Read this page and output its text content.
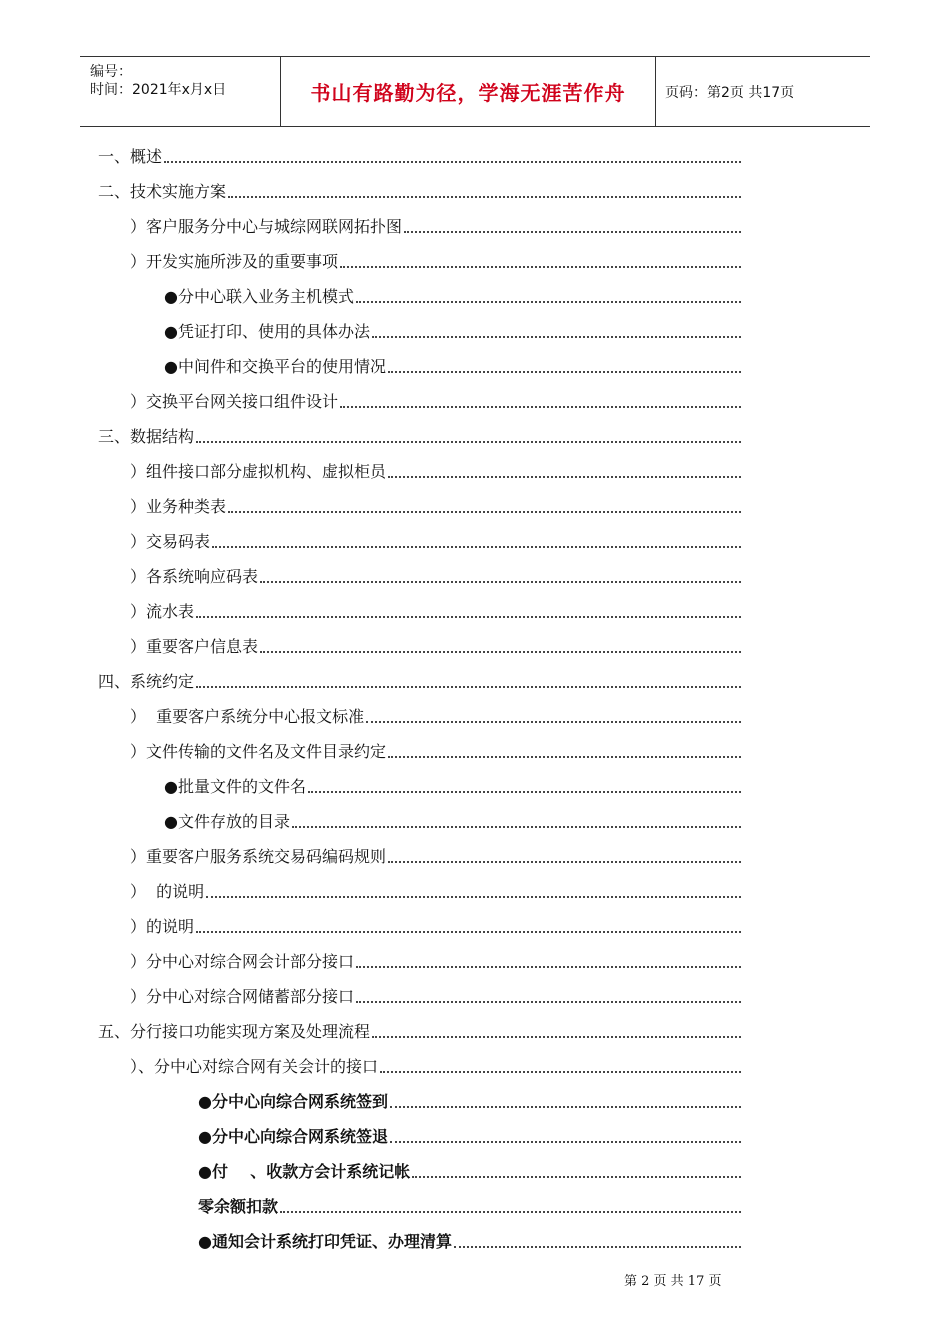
编号：
时间：2021年x月x日	书山有路勤为径，学海无涯苦作舟	页码：第2页 共17页
一、概述
二、技术实施方案
）客户服务分中心与城综网联网拓扑图
）开发实施所涉及的重要事项
●分中心联入业务主机模式
●凭证打印、使用的具体办法
●中间件和交换平台的使用情况
）交换平台网关接口组件设计
三、数据结构
）组件接口部分虚拟机构、虚拟柜员
）业务种类表
）交易码表
）各系统响应码表
）流水表
）重要客户信息表
四、系统约定
）  重要客户系统分中心报文标准
）文件传输的文件名及文件目录约定
●批量文件的文件名
●文件存放的目录
）重要客户服务系统交易码编码规则
）  的说明
）的说明
）分中心对综合网会计部分接口
）分中心对综合网储蓄部分接口
五、分行接口功能实现方案及处理流程
）、分中心对综合网有关会计的接口
●分中心向综合网系统签到
●分中心向综合网系统签退
●付    、收款方会计系统记帐
零余额扣款
●通知会计系统打印凭证、办理清算
第 2 页 共 17 页
